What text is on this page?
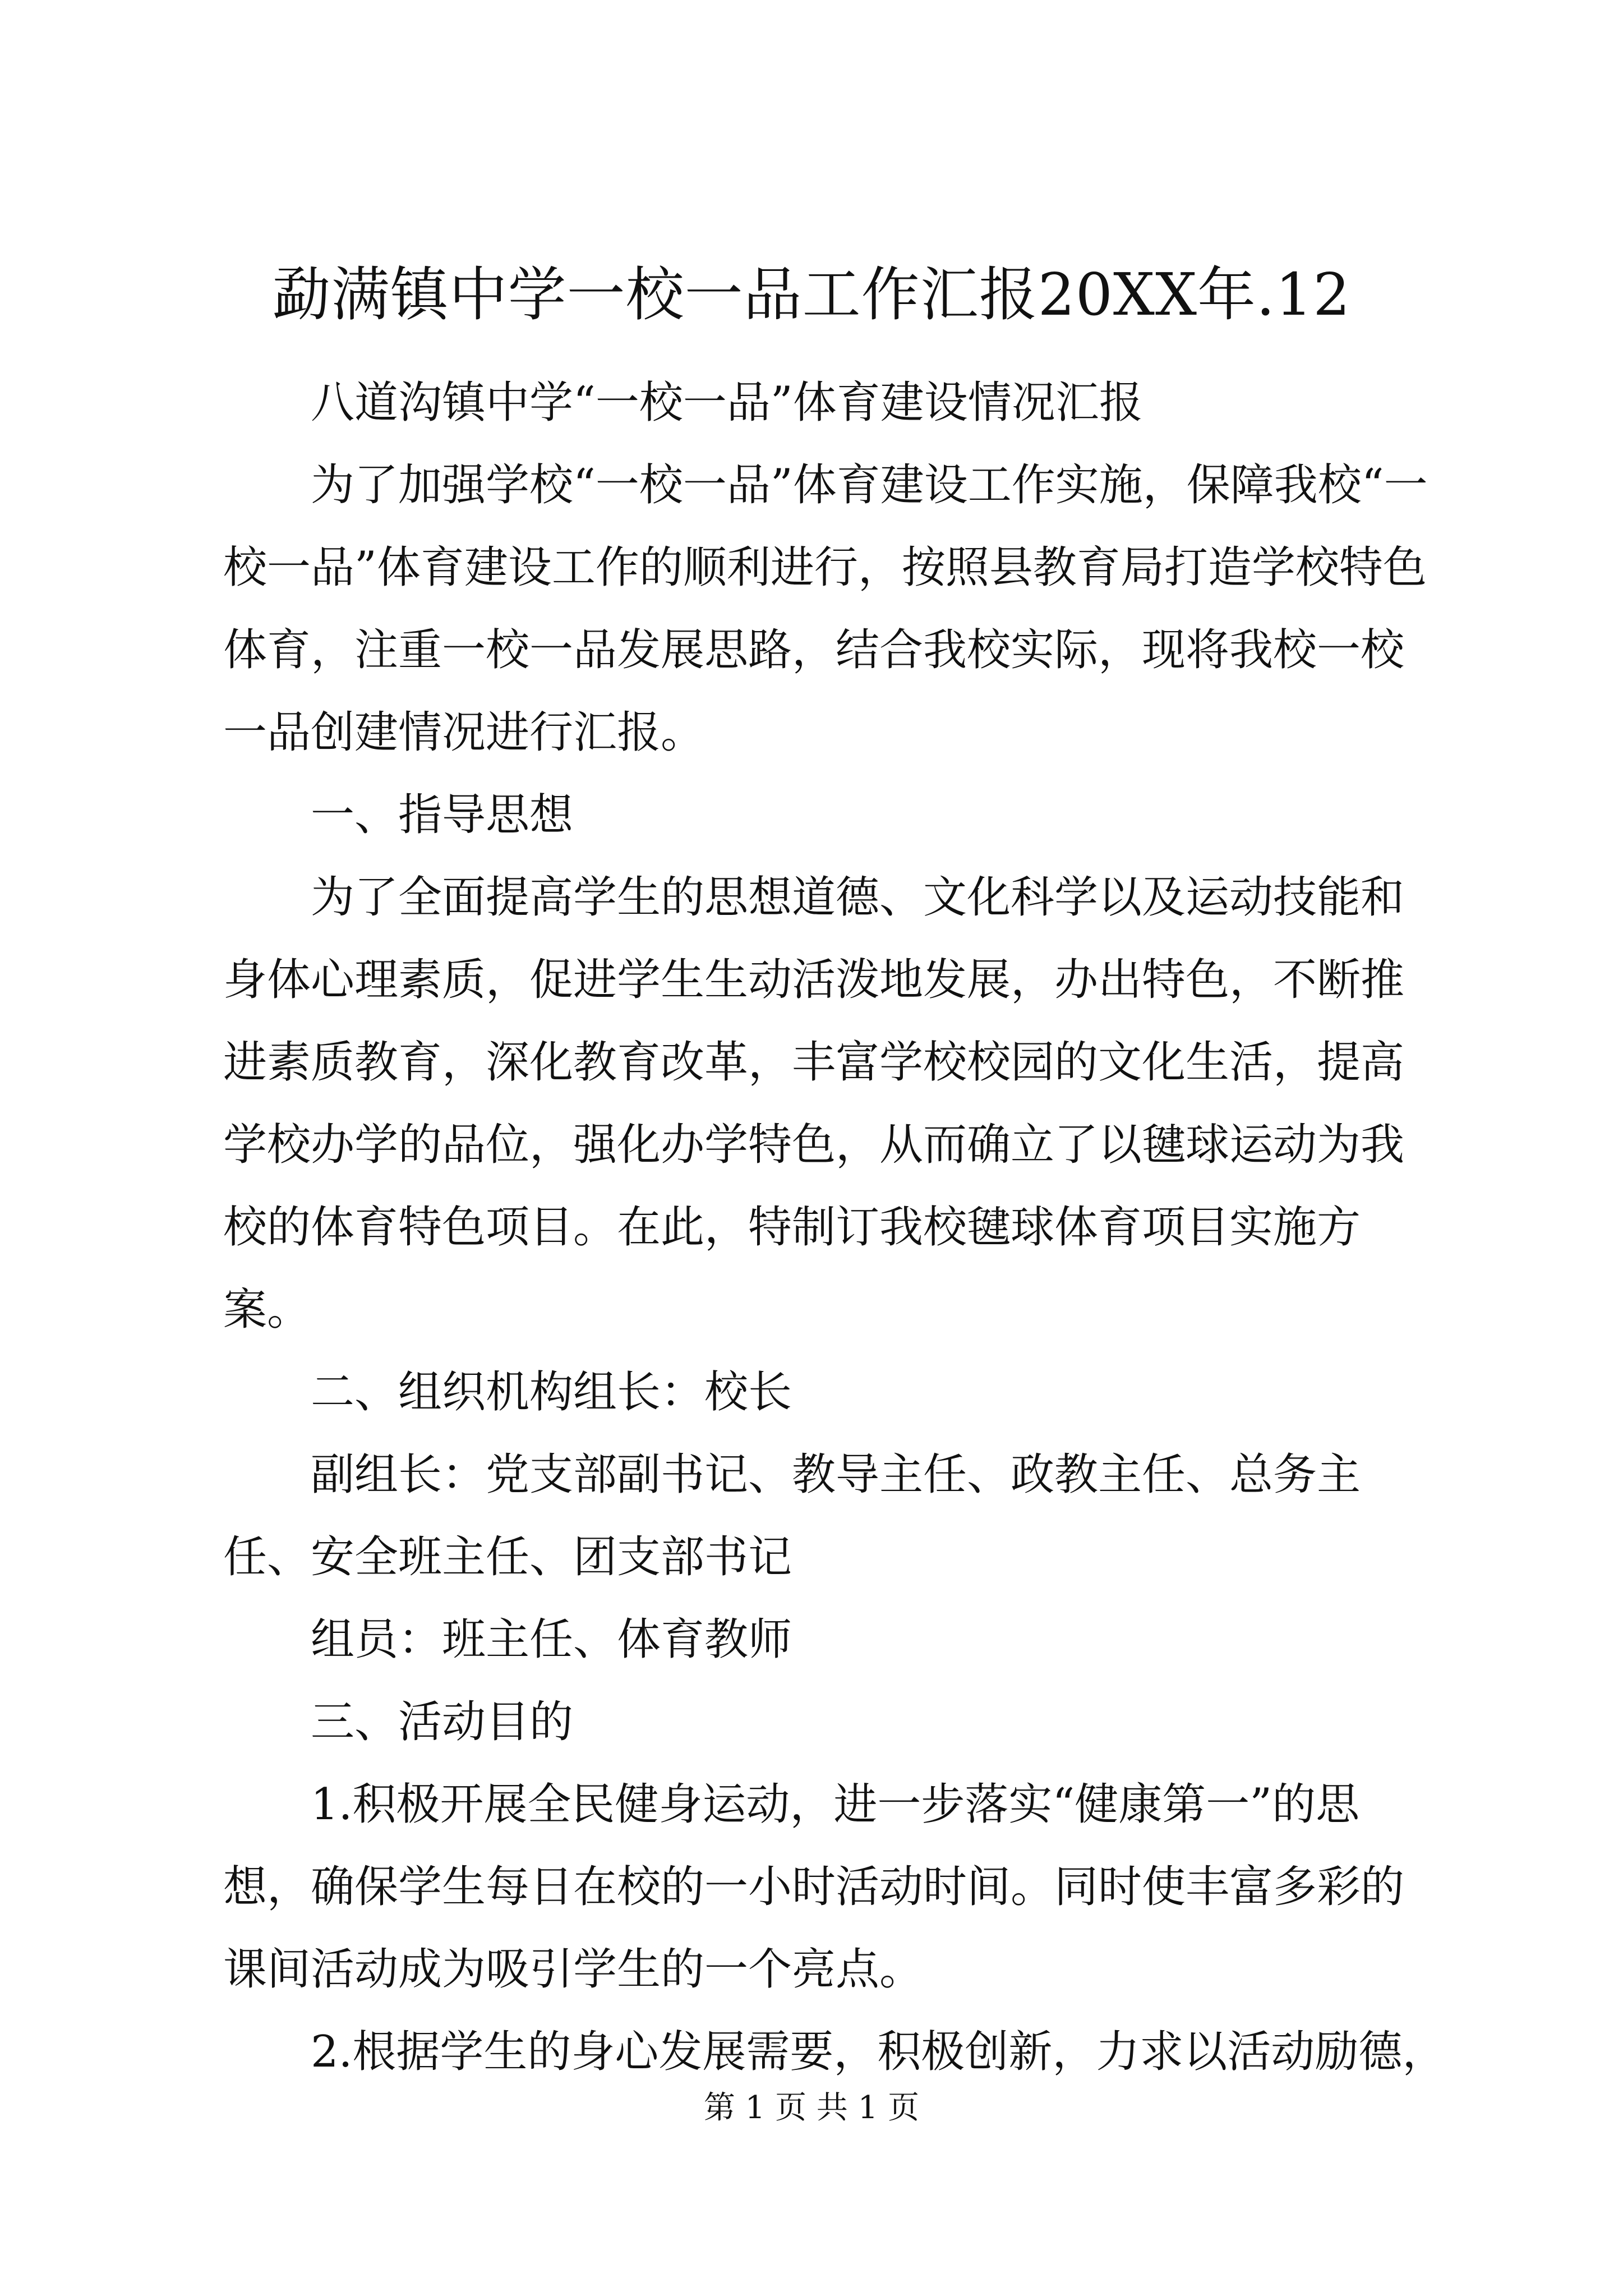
勐满镇中学一校一品工作汇报20XX年.12

八道沟镇中学“一校一品”体育建设情况汇报

为了加强学校“一校一品”体育建设工作实施，保障我校“一校一品”体育建设工作的顺利进行，按照县教育局打造学校特色体育，注重一校一品发展思路，结合我校实际，现将我校一校一品创建情况进行汇报。

一、指导思想

为了全面提高学生的思想道德、文化科学以及运动技能和身体心理素质，促进学生生动活泼地发展，办出特色，不断推进素质教育，深化教育改革，丰富学校校园的文化生活，提高学校办学的品位，强化办学特色，从而确立了以毽球运动为我校的体育特色项目。在此，特制订我校毽球体育项目实施方案。

二、组织机构组长：校长

副组长：党支部副书记、教导主任、政教主任、总务主任、安全班主任、团支部书记

组员：班主任、体育教师

三、活动目的

1.积极开展全民健身运动，进一步落实“健康第一”的思想，确保学生每日在校的一小时活动时间。同时使丰富多彩的课间活动成为吸引学生的一个亮点。

2.根据学生的身心发展需要，积极创新，力求以活动励德，

第 1 页 共 1 页
